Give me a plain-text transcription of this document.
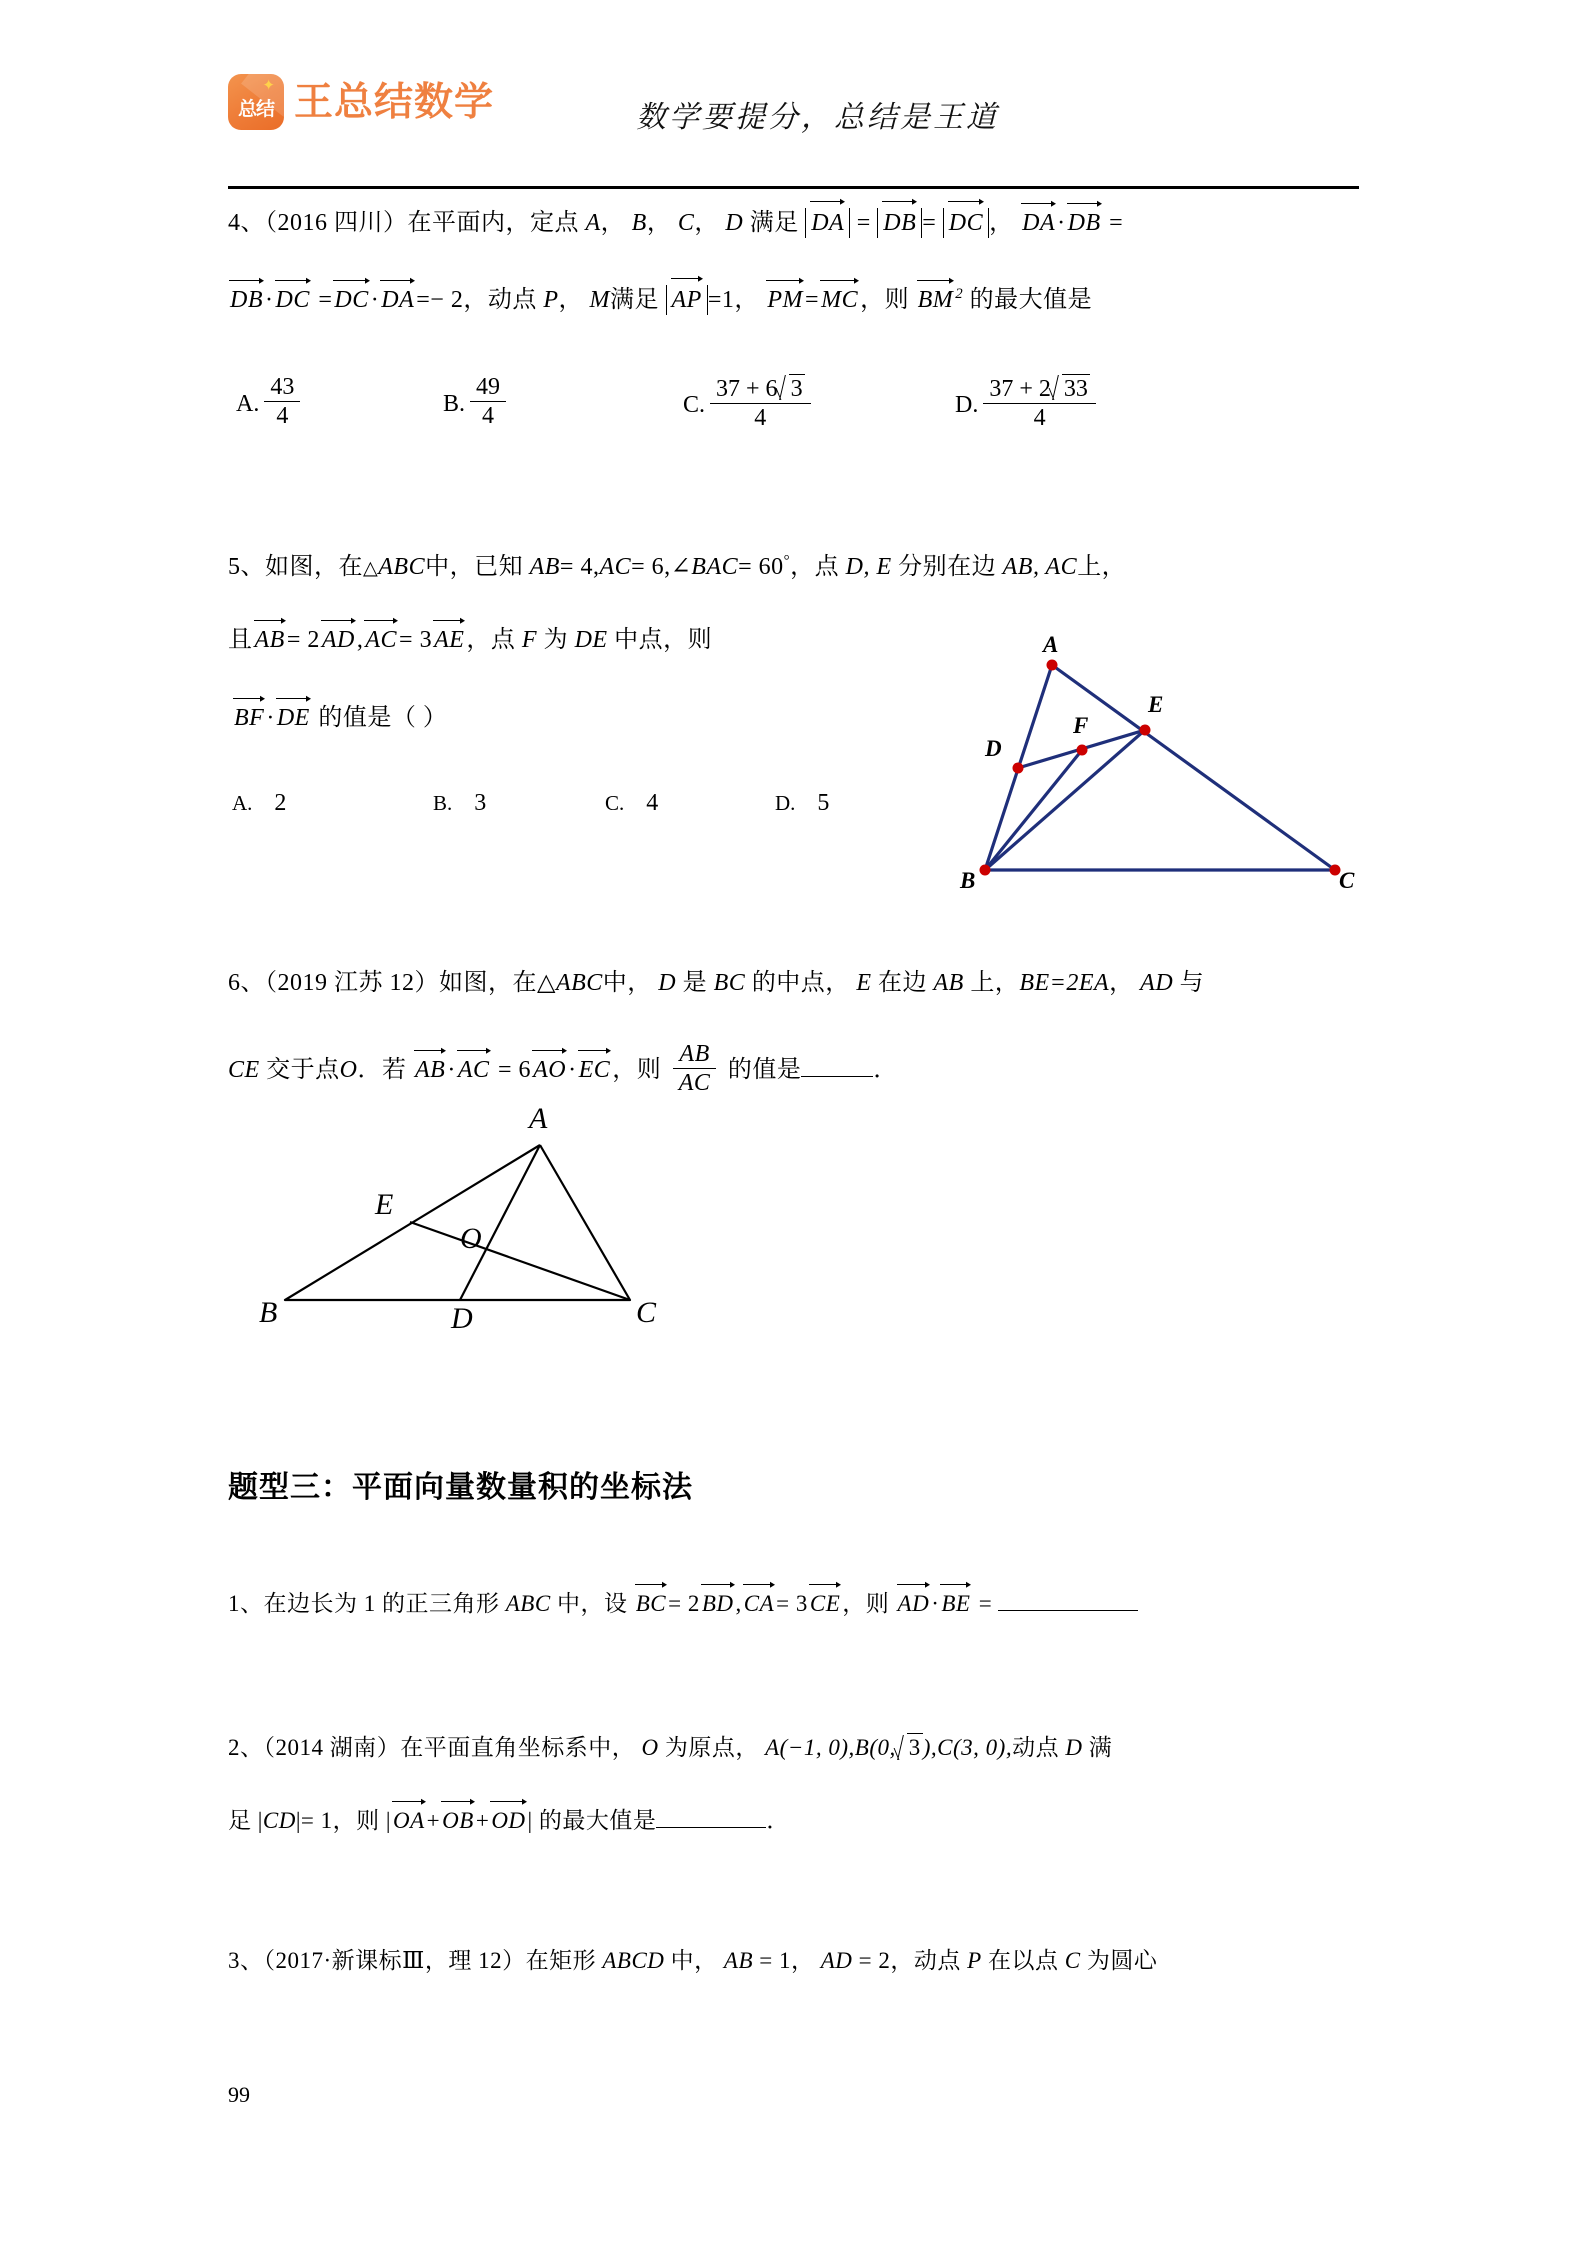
✦
总结 王总结数学	数学要提分，总结是王道
4、（2016 四川）在平面内，定点 A， B， C， D 满足 DA = DB = DC ， DA·DB =
DB·DC =DC·DA=− 2，动点 P， M满足 AP =1， PM=MC，则 BM $^2$ 的最大值是
A. $\frac{43}{4}$	B. $\frac{49}{4}$	C. $\frac{37 + 6 3}{4}$	D. $\frac{37 + 2 33}{4}$
5、如图，在△ABC中，已知 AB= 4,AC= 6,∠BAC= 60°，点 D, E 分别在边 AB, AC上，
且AB= 2AD,AC= 3AE，点 F 为 DE 中点，则
BF·DE 的值是（ ）
A. 2	B. 3	C. 4	D. 5
A
B	C
D
E
F
6、（2019 江苏 12）如图，在△ABC中， D 是 BC 的中点， E 在边 AB 上，BE=2EA， AD 与
CE 交于点O．若 AB·AC = 6AO·EC，则 $\frac{AB}{AC}$ 的值是	．
A
B	C
D
E
O
题型三：平面向量数量积的坐标法
1、在边长为 1 的正三角形 ABC 中，设 BC= 2BD,CA= 3CE，则 AD·BE =
2、（2014 湖南）在平面直角坐标系中， O 为原点， A(−1, 0),B(0, 3),C(3, 0),动点 D 满
足 |CD|= 1，则 |OA+OB+OD| 的最大值是	．
3、（2017·新课标Ⅲ，理 12）在矩形 ABCD 中， AB = 1， AD = 2，动点 P 在以点 C 为圆心
99
